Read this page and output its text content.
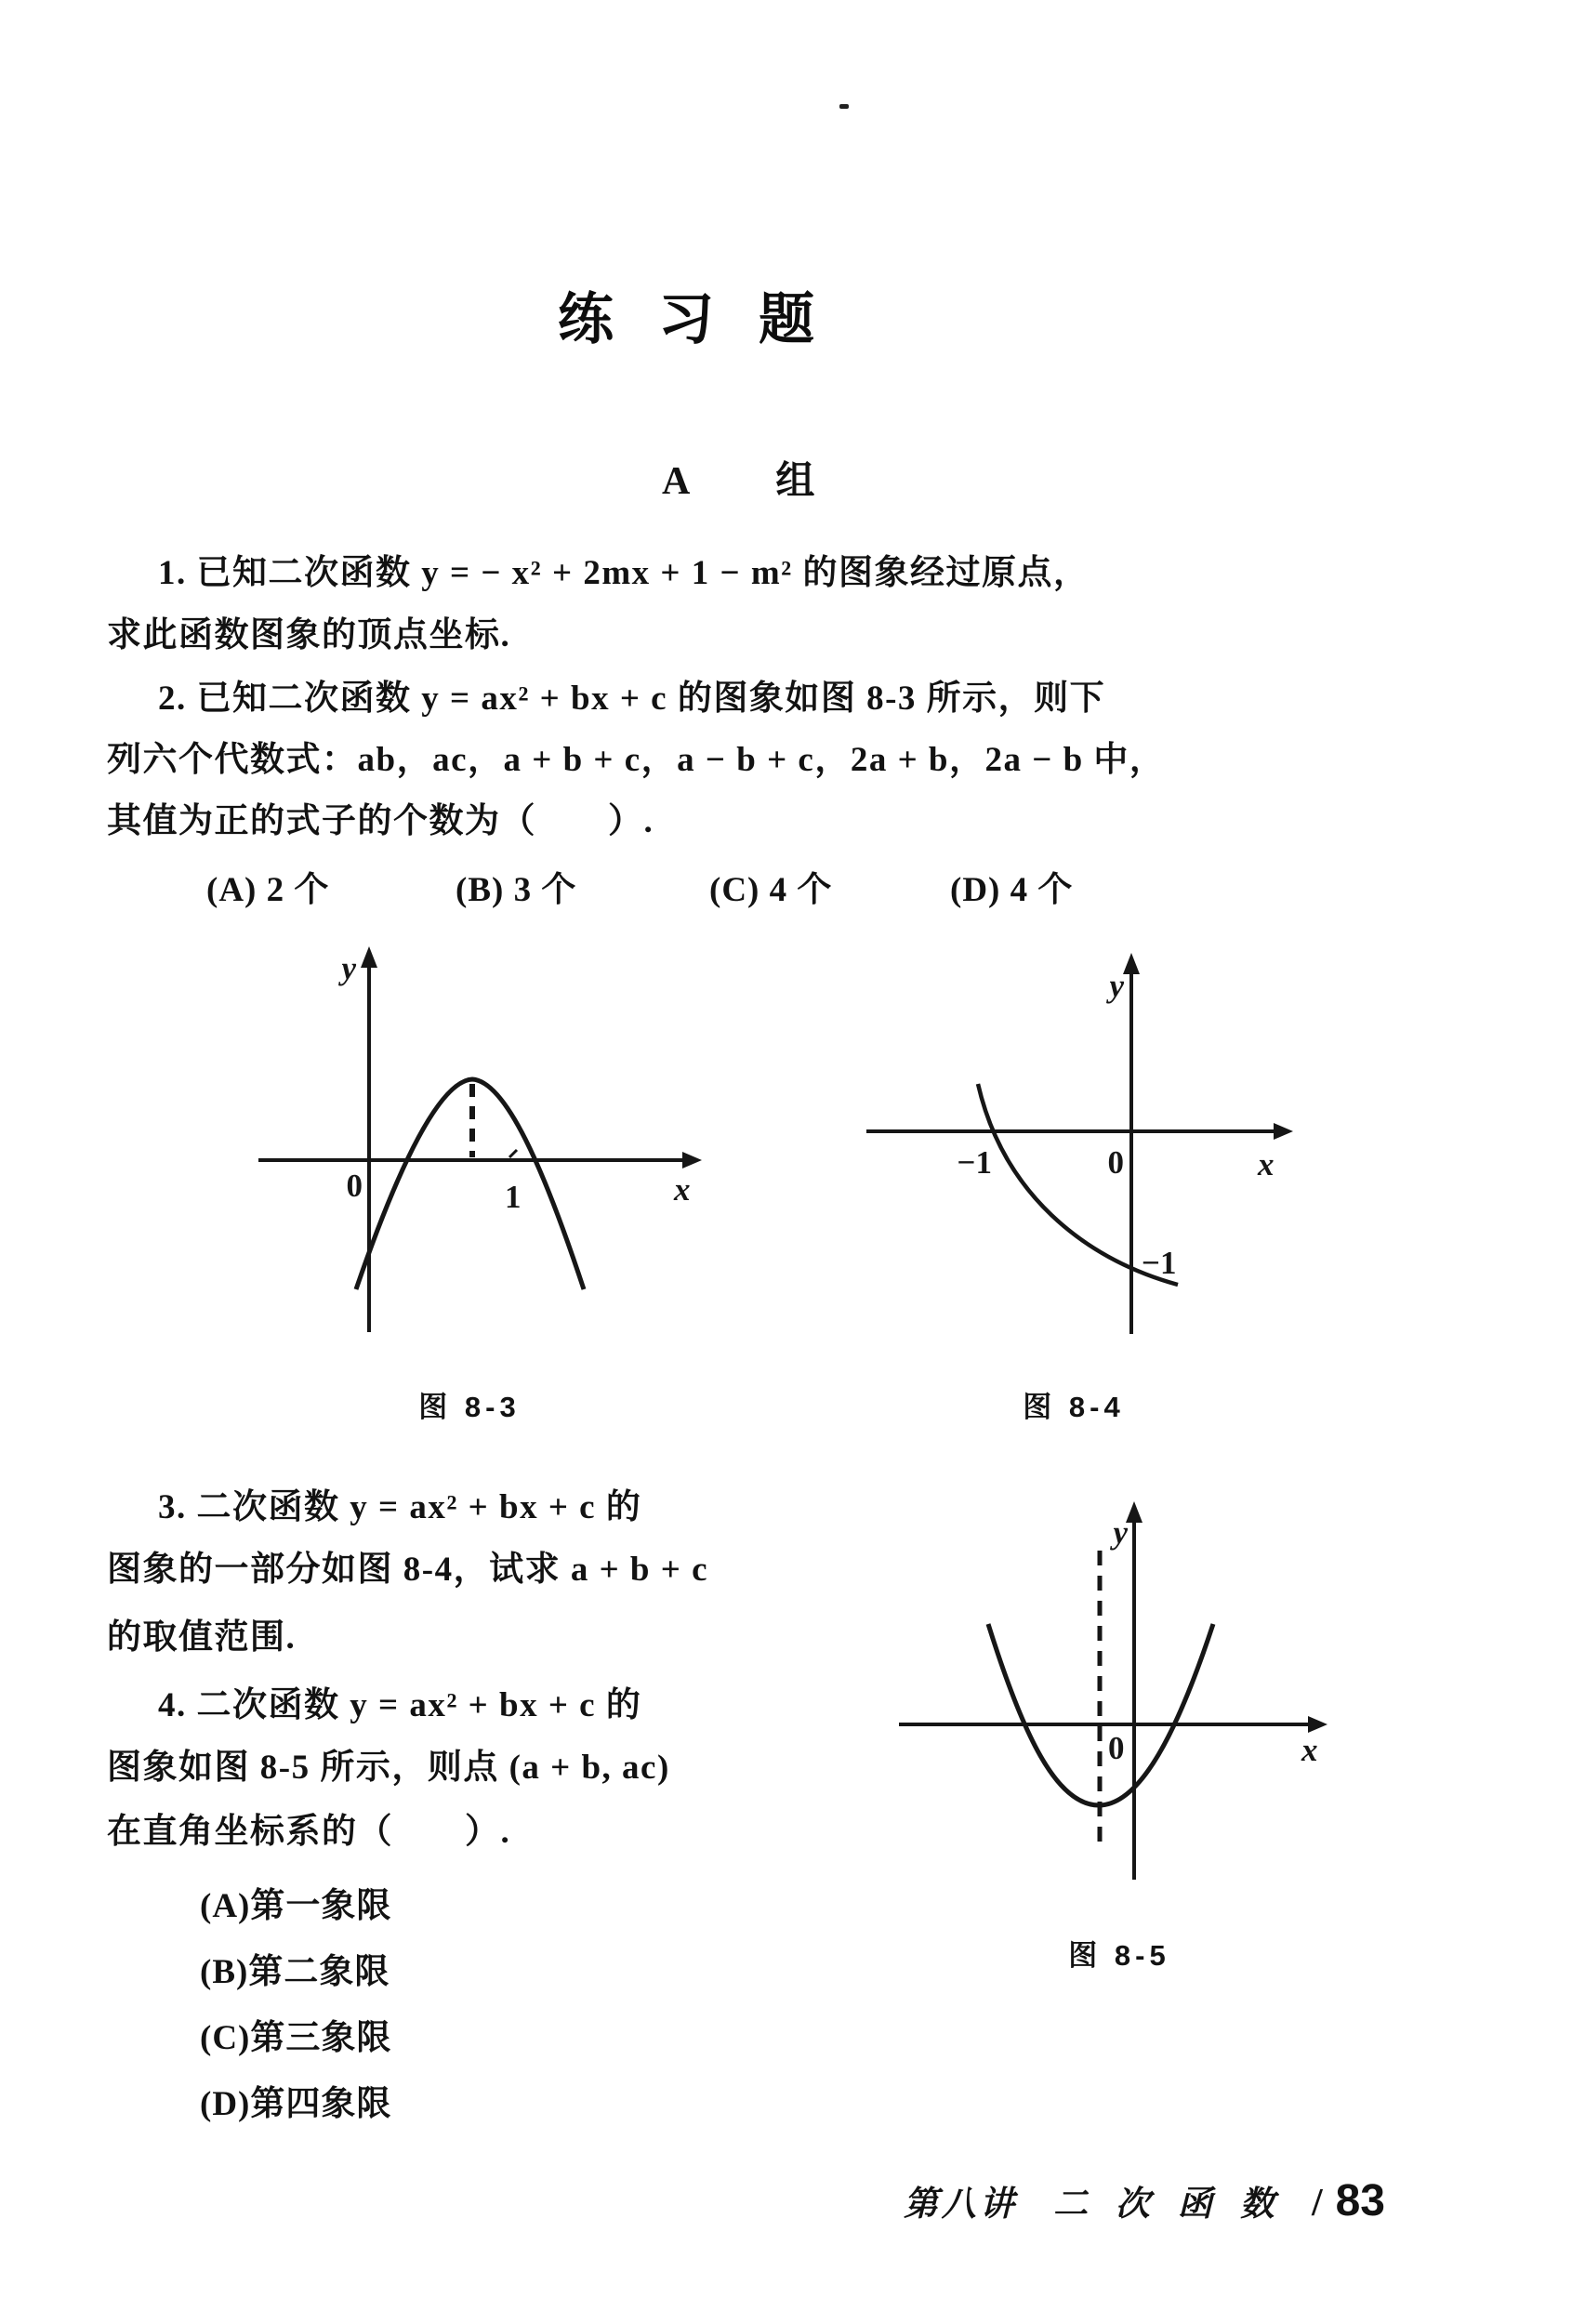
练习题
A 组
1. 已知二次函数 y = − x² + 2mx + 1 − m² 的图象经过原点，
求此函数图象的顶点坐标.
2. 已知二次函数 y = ax² + bx + c 的图象如图 8-3 所示，则下
列六个代数式：ab，ac，a + b + c，a − b + c，2a + b，2a − b 中，
其值为正的式子的个数为（　　）.
(A) 2 个	(B) 3 个	(C) 4 个	(D) 4 个
y
x
0	1
图 8-3
−1	0	x
y
−1
图 8-4
3. 二次函数 y = ax² + bx + c 的
图象的一部分如图 8-4，试求 a + b + c
的取值范围.
4. 二次函数 y = ax² + bx + c 的
图象如图 8-5 所示，则点 (a + b, ac)
在直角坐标系的（　　）.
(A)第一象限
(B)第二象限
(C)第三象限
(D)第四象限
0
y
x
图 8-5
第八讲 二次函数 / 83
